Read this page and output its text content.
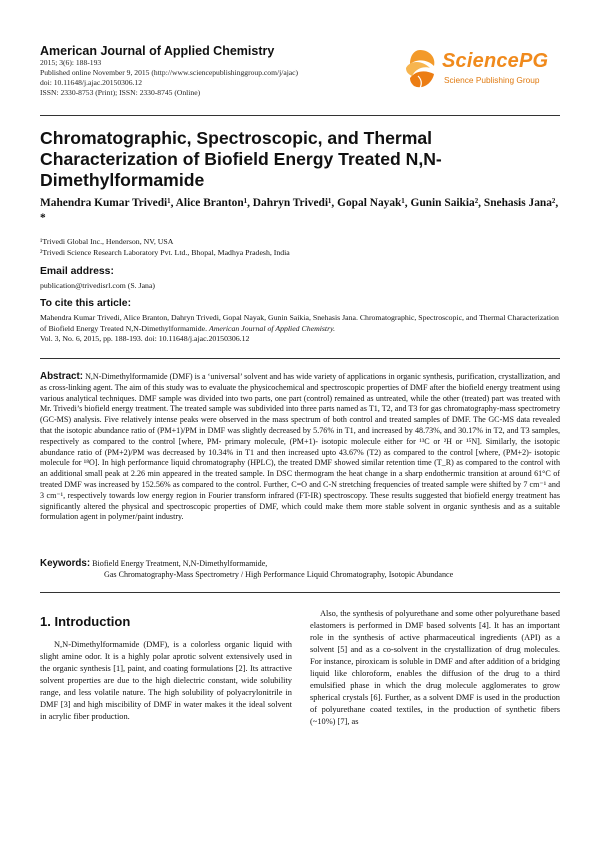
American Journal of Applied Chemistry
2015; 3(6): 188-193
Published online November 9, 2015 (http://www.sciencepublishinggroup.com/j/ajac)
doi: 10.11648/j.ajac.20150306.12
ISSN: 2330-8753 (Print); ISSN: 2330-8745 (Online)
SciencePG
Science Publishing Group
Chromatographic, Spectroscopic, and Thermal Characterization of Biofield Energy Treated N,N-Dimethylformamide
Mahendra Kumar Trivedi¹, Alice Branton¹, Dahryn Trivedi¹, Gopal Nayak¹, Gunin Saikia², Snehasis Jana², *
¹Trivedi Global Inc., Henderson, NV, USA
²Trivedi Science Research Laboratory Pvt. Ltd., Bhopal, Madhya Pradesh, India
Email address:
publication@trivedisrl.com (S. Jana)
To cite this article:
Mahendra Kumar Trivedi, Alice Branton, Dahryn Trivedi, Gopal Nayak, Gunin Saikia, Snehasis Jana. Chromatographic, Spectroscopic, and Thermal Characterization of Biofield Energy Treated N,N-Dimethylformamide. American Journal of Applied Chemistry.
Vol. 3, No. 6, 2015, pp. 188-193. doi: 10.11648/j.ajac.20150306.12
Abstract: N,N-Dimethylformamide (DMF) is a ‘universal’ solvent and has wide variety of applications in organic synthesis, purification, crystallization, and as cross-linking agent. The aim of this study was to evaluate the physicochemical and spectroscopic properties of DMF after the biofield energy treatment using various analytical techniques. DMF sample was divided into two parts, one part (control) remained as untreated, while the other (treated) part was treated with Mr. Trivedi’s biofield energy treatment. The treated sample was subdivided into three parts named as T1, T2, and T3 for gas chromatography-mass spectrometry (GC-MS) analysis. Five relatively intense peaks were observed in the mass spectrum of both control and treated samples of DMF. The GC-MS data revealed that the isotopic abundance ratio of (PM+1)/PM in DMF was slightly decreased by 5.76% in T1, and increased by 48.73%, and 30.17% in T2, and T3 samples, respectively as compared to the control [where, PM- primary molecule, (PM+1)- isotopic molecule either for ¹³C or ²H or ¹⁵N]. Similarly, the isotopic abundance ratio of (PM+2)/PM was decreased by 10.34% in T1 and then increased upto 43.67% (T2) as compared to the control [where, (PM+2)- isotopic molecule for ¹⁸O]. In high performance liquid chromatography (HPLC), the treated DMF showed similar retention time (T_R) as compared to the control with an additional small peak at 2.26 min appeared in the treated sample. In DSC thermogram the heat change in a sharp endothermic transition at around 61°C of treated DMF was increased by 152.56% as compared to the control. Further, C=O and C-N stretching frequencies of treated sample were shifted by 7 cm⁻¹ and 3 cm⁻¹, respectively towards low energy region in Fourier transform infrared (FT-IR) spectroscopy. These results suggested that biofield energy treatment has significantly altered the physical and spectroscopic properties of DMF, which could make them more stable solvent in organic synthesis and as a suitable formulation agent in polymer/paint industry.
Keywords: Biofield Energy Treatment, N,N-Dimethylformamide,
Gas Chromatography-Mass Spectrometry / High Performance Liquid Chromatography, Isotopic Abundance
1. Introduction

N,N-Dimethylformamide (DMF), is a colorless organic liquid with slight amine odor. It is a highly polar aprotic solvent extensively used in the organic synthesis [1], paint, and coating formulations [2]. Its attractive solvent properties are due to the high dielectric constant, wide solubility range, and less volatile nature. The high solubility of polyacrylonitrile in DMF [3] and high miscibility of DMF in water makes it the ideal solvent in acrylic fiber production.

Also, the synthesis of polyurethane and some other polyurethane based elastomers is performed in DMF based solvents [4]. It has an important role in the synthesis of active pharmaceutical ingredients (API) as a solvent [5] and as a co-solvent in the crystallization of drug molecules. For instance, piroxicam is soluble in DMF and after addition of a bridging liquid like chloroform, enables the diffusion of the drug to a third emulsified phase in which the drug molecule agglomerates to grow spherical crystals [6]. Further, as a solvent DMF is used in the production of polyurethane coated textiles, in the production of synthetic fibers (~10%) [7], as
